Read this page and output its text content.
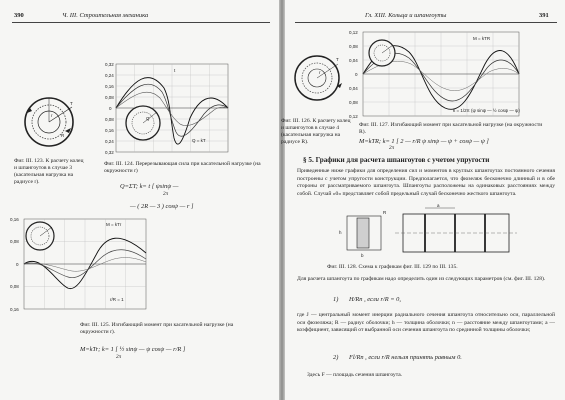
390	Ч. III. Строительная механика
T
r
R
Фиг. III. 123. К расчету колец и шпангоутов в случае 3 (касательная нагрузка на радиусе r).
0,32
0,24
0,16
0,08
0
0,08
0,16
0,24
0,32
Q = kT
t
Q
Фиг. III. 124. Перерезывающая сила при касательной нагрузке (на окружности r)
Q=ΣT; k= t [ ψsinψ —
2π
— ( 2R — 3 ) cosψ — r ]
0,16
0,08
0
0,08
0,16
M = kTr
r/R = 1
Фиг. III. 125. Изгибающий момент при касательной нагрузке (на окружности r).
M=kTr; k= 1 [ ½ sinψ — ψ cosψ — r/R ]
2π
Гл. XIII. Кольца и шпангоуты	391
T
r
Фиг. III. 126. К расчету колец и шпангоутов в случае 4 (касательная нагрузка на радиусе R).
0,12
0,08
0,04
0
0,04
0,08
0,12
M = kTR
k = 1/2π (ψ sinψ — ½ cosψ — ψ)
Фиг. III. 127. Изгибающий момент при касательной нагрузке (на окружности R).
M=kTR; k= 1 [ 2 — r/R ψ sinψ — ψ + cosψ — ψ ]
2π
§ 5. Графики для расчета шпангоутов с учетом упругости
Приведенные ниже графики для определения сил и моментов в круглых шпангоутах постоянного сечения построены с учетом упругости конструкции. Предполагается, что фюзеляж бесконечно длинный и в обе стороны от рассматриваемого шпангоута. Шпангоуты расположены на одинаковых расстояниях между собой. Случай «0» представляет собой предельный случай бесконечно жесткого шпангоута.
a
h
R
b
Фиг. III. 128. Схема к графикам фиг. III. 129 по III. 135.
Для расчета шпангоута по графикам надо определить один из следующих параметров (см. фиг. III. 128).
1) H/Rn , если r/R = 0,
где J — центральный момент инерции радиального сечения шпангоута относительно оси, параллельной оси фюзеляжа; R — радиус оболочки; h — толщина оболочки; n — расстояние между шпангоутами; a — коэффициент, зависящий от выбранной оси сечения шпангоута по срединной толщины оболочки;
2) Fl/Rn , если r/R нельзя принять равным 0.
Здесь F — площадь сечения шпангоута.
